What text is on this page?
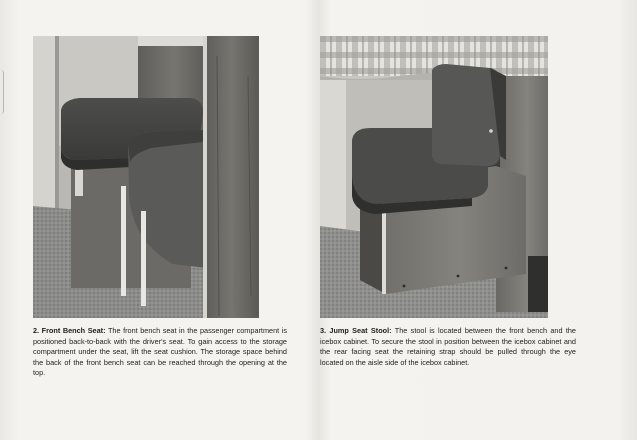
2. Front Bench Seat: The front bench seat in the passenger compartment is positioned back-to-back with the driver's seat. To gain access to the storage compartment under the seat, lift the seat cushion. The storage space behind the back of the front bench seat can be reached through the opening at the top.

3. Jump Seat Stool: The stool is located between the front bench and the icebox cabinet. To secure the stool in position between the icebox cabinet and the rear facing seat the retaining strap should be pulled through the eye located on the aisle side of the icebox cabinet.
